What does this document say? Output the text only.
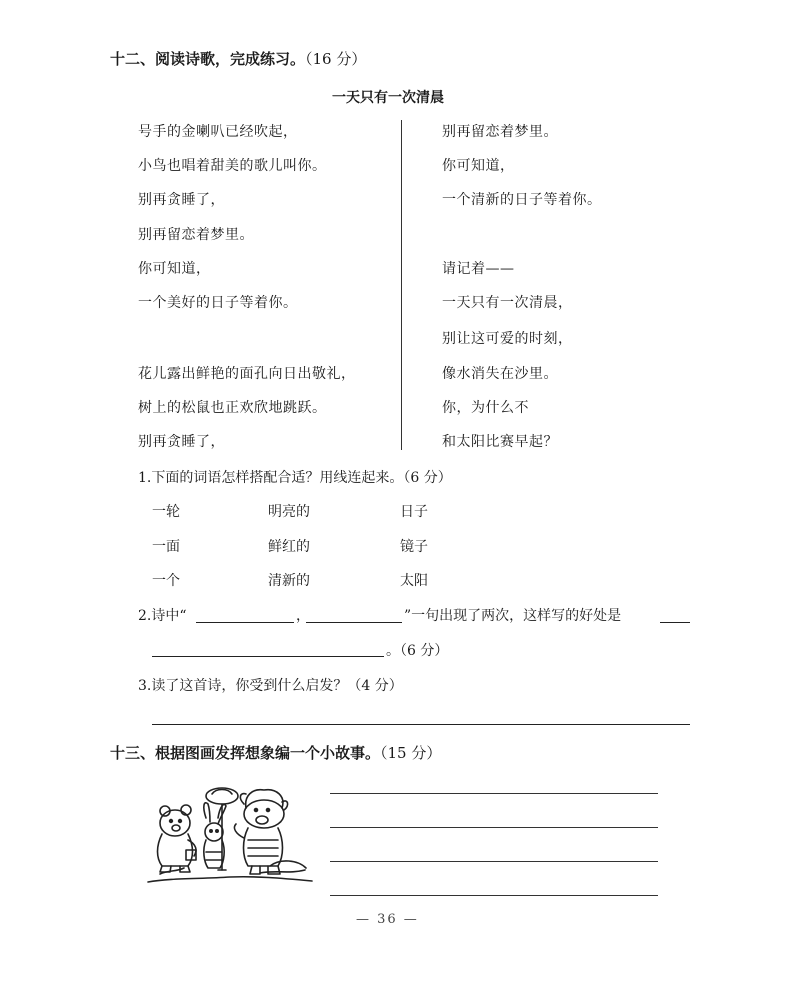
十二、阅读诗歌，完成练习。（16 分）
一天只有一次清晨
号手的金喇叭已经吹起，
小鸟也唱着甜美的歌儿叫你。
别再贪睡了，
别再留恋着梦里。
你可知道，
一个美好的日子等着你。
花儿露出鲜艳的面孔向日出敬礼，
树上的松鼠也正欢欣地跳跃。
别再贪睡了，
别再留恋着梦里。
你可知道，
一个清新的日子等着你。
请记着——
一天只有一次清晨，
别让这可爱的时刻，
像水消失在沙里。
你，为什么不
和太阳比赛早起？
1.下面的词语怎样搭配合适？用线连起来。（6 分）
一轮
一面
一个
明亮的
鲜红的
清新的
日子
镜子
太阳
2.诗中“	，	”一句出现了两次，这样写的好处是
。（6 分）
3.读了这首诗，你受到什么启发？（4 分）
十三、根据图画发挥想象编一个小故事。（15 分）
— 36 —
